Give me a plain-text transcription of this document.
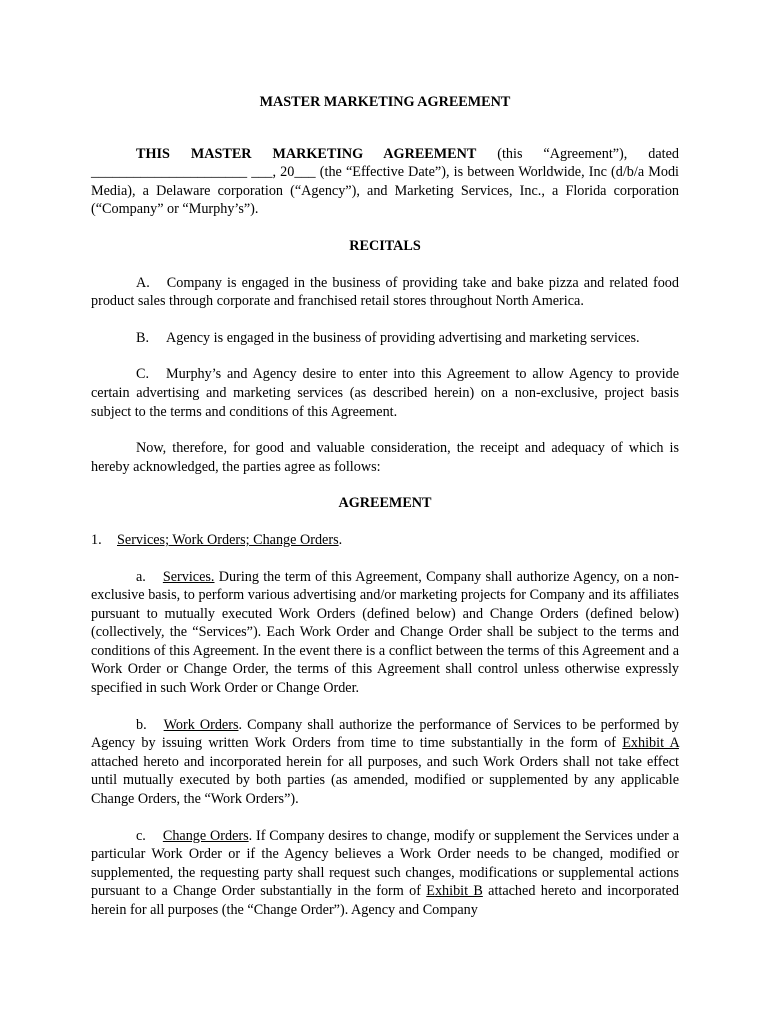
MASTER MARKETING AGREEMENT

THIS MASTER MARKETING AGREEMENT (this “Agreement”), dated ______________________ ___, 20___ (the “Effective Date”), is between Worldwide, Inc (d/b/a Modi Media), a Delaware corporation (“Agency”), and Marketing Services, Inc., a Florida corporation (“Company” or “Murphy’s”).

RECITALS

A. Company is engaged in the business of providing take and bake pizza and related food product sales through corporate and franchised retail stores throughout North America.

B. Agency is engaged in the business of providing advertising and marketing services.

C. Murphy’s and Agency desire to enter into this Agreement to allow Agency to provide certain advertising and marketing services (as described herein) on a non-exclusive, project basis subject to the terms and conditions of this Agreement.

Now, therefore, for good and valuable consideration, the receipt and adequacy of which is hereby acknowledged, the parties agree as follows:

AGREEMENT
1. Services; Work Orders; Change Orders.

a. Services. During the term of this Agreement, Company shall authorize Agency, on a non-exclusive basis, to perform various advertising and/or marketing projects for Company and its affiliates pursuant to mutually executed Work Orders (defined below) and Change Orders (defined below) (collectively, the “Services”). Each Work Order and Change Order shall be subject to the terms and conditions of this Agreement. In the event there is a conflict between the terms of this Agreement and a Work Order or Change Order, the terms of this Agreement shall control unless otherwise expressly specified in such Work Order or Change Order.

b. Work Orders. Company shall authorize the performance of Services to be performed by Agency by issuing written Work Orders from time to time substantially in the form of Exhibit A attached hereto and incorporated herein for all purposes, and such Work Orders shall not take effect until mutually executed by both parties (as amended, modified or supplemented by any applicable Change Orders, the “Work Orders”).

c. Change Orders. If Company desires to change, modify or supplement the Services under a particular Work Order or if the Agency believes a Work Order needs to be changed, modified or supplemented, the requesting party shall request such changes, modifications or supplemental actions pursuant to a Change Order substantially in the form of Exhibit B attached hereto and incorporated herein for all purposes (the “Change Order”). Agency and Company
